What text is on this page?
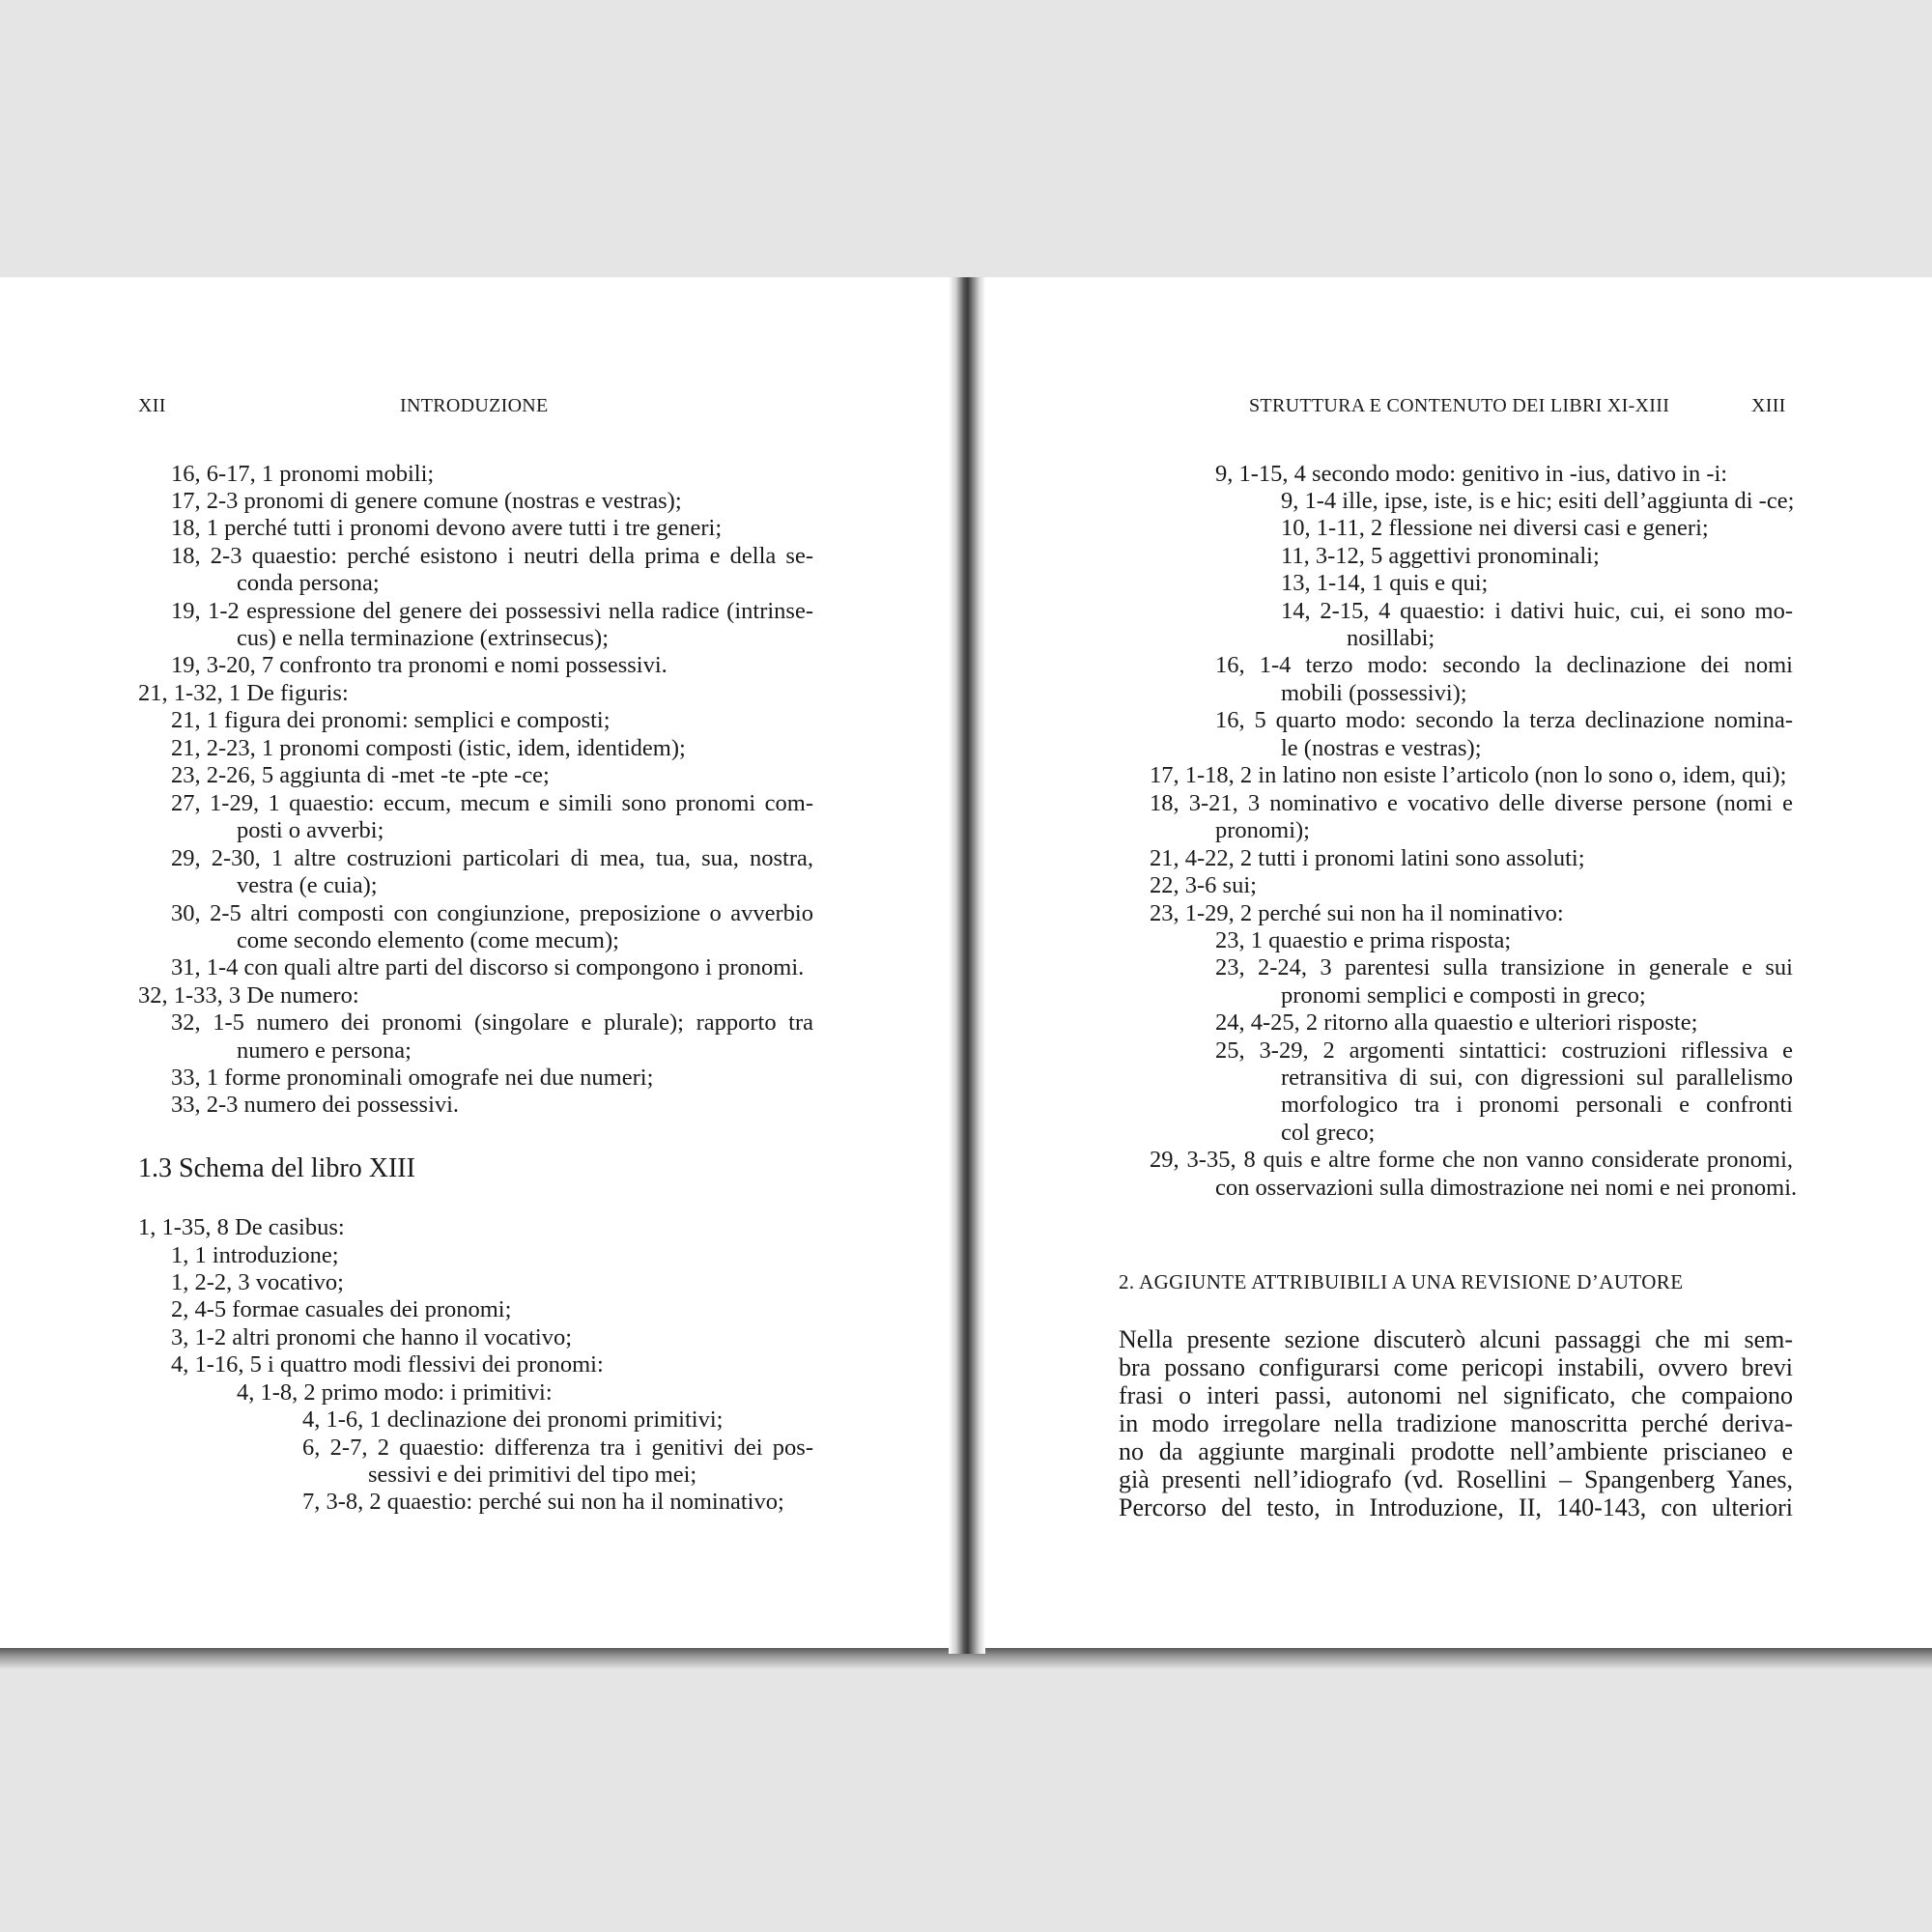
XII	INTRODUZIONE
16, 6-17, 1 pronomi mobili;
17, 2-3 pronomi di genere comune (nostras e vestras);
18, 1 perché tutti i pronomi devono avere tutti i tre generi;
18, 2-3 quaestio: perché esistono i neutri della prima e della se-
conda persona;
19, 1-2 espressione del genere dei possessivi nella radice (intrinse-
cus) e nella terminazione (extrinsecus);
19, 3-20, 7 confronto tra pronomi e nomi possessivi.
21, 1-32, 1 De figuris:
21, 1 figura dei pronomi: semplici e composti;
21, 2-23, 1 pronomi composti (istic, idem, identidem);
23, 2-26, 5 aggiunta di -met -te -pte -ce;
27, 1-29, 1 quaestio: eccum, mecum e simili sono pronomi com-
posti o avverbi;
29, 2-30, 1 altre costruzioni particolari di mea, tua, sua, nostra,
vestra (e cuia);
30, 2-5 altri composti con congiunzione, preposizione o avverbio
come secondo elemento (come mecum);
31, 1-4 con quali altre parti del discorso si compongono i pronomi.
32, 1-33, 3 De numero:
32, 1-5 numero dei pronomi (singolare e plurale); rapporto tra
numero e persona;
33, 1 forme pronominali omografe nei due numeri;
33, 2-3 numero dei possessivi.
1.3 Schema del libro XIII
1, 1-35, 8 De casibus:
1, 1 introduzione;
1, 2-2, 3 vocativo;
2, 4-5 formae casuales dei pronomi;
3, 1-2 altri pronomi che hanno il vocativo;
4, 1-16, 5 i quattro modi flessivi dei pronomi:
4, 1-8, 2 primo modo: i primitivi:
4, 1-6, 1 declinazione dei pronomi primitivi;
6, 2-7, 2 quaestio: differenza tra i genitivi dei pos-
sessivi e dei primitivi del tipo mei;
7, 3-8, 2 quaestio: perché sui non ha il nominativo;
STRUTTURA E CONTENUTO DEI LIBRI XI-XIII	XIII
9, 1-15, 4 secondo modo: genitivo in -ius, dativo in -i:
9, 1-4 ille, ipse, iste, is e hic; esiti dell’aggiunta di -ce;
10, 1-11, 2 flessione nei diversi casi e generi;
11, 3-12, 5 aggettivi pronominali;
13, 1-14, 1 quis e qui;
14, 2-15, 4 quaestio: i dativi huic, cui, ei sono mo-
nosillabi;
16, 1-4 terzo modo: secondo la declinazione dei nomi
mobili (possessivi);
16, 5 quarto modo: secondo la terza declinazione nomina-
le (nostras e vestras);
17, 1-18, 2 in latino non esiste l’articolo (non lo sono o, idem, qui);
18, 3-21, 3 nominativo e vocativo delle diverse persone (nomi e
pronomi);
21, 4-22, 2 tutti i pronomi latini sono assoluti;
22, 3-6 sui;
23, 1-29, 2 perché sui non ha il nominativo:
23, 1 quaestio e prima risposta;
23, 2-24, 3 parentesi sulla transizione in generale e sui
pronomi semplici e composti in greco;
24, 4-25, 2 ritorno alla quaestio e ulteriori risposte;
25, 3-29, 2 argomenti sintattici: costruzioni riflessiva e
retransitiva di sui, con digressioni sul parallelismo
morfologico tra i pronomi personali e confronti
col greco;
29, 3-35, 8 quis e altre forme che non vanno considerate pronomi,
con osservazioni sulla dimostrazione nei nomi e nei pronomi.
2. AGGIUNTE ATTRIBUIBILI A UNA REVISIONE D’AUTORE
Nella presente sezione discuterò alcuni passaggi che mi sem-
bra possano configurarsi come pericopi instabili, ovvero brevi
frasi o interi passi, autonomi nel significato, che compaiono
in modo irregolare nella tradizione manoscritta perché deriva-
no da aggiunte marginali prodotte nell’ambiente priscianeo e
già presenti nell’idiografo (vd. Rosellini – Spangenberg Yanes,
Percorso del testo, in Introduzione, II, 140-143, con ulteriori
